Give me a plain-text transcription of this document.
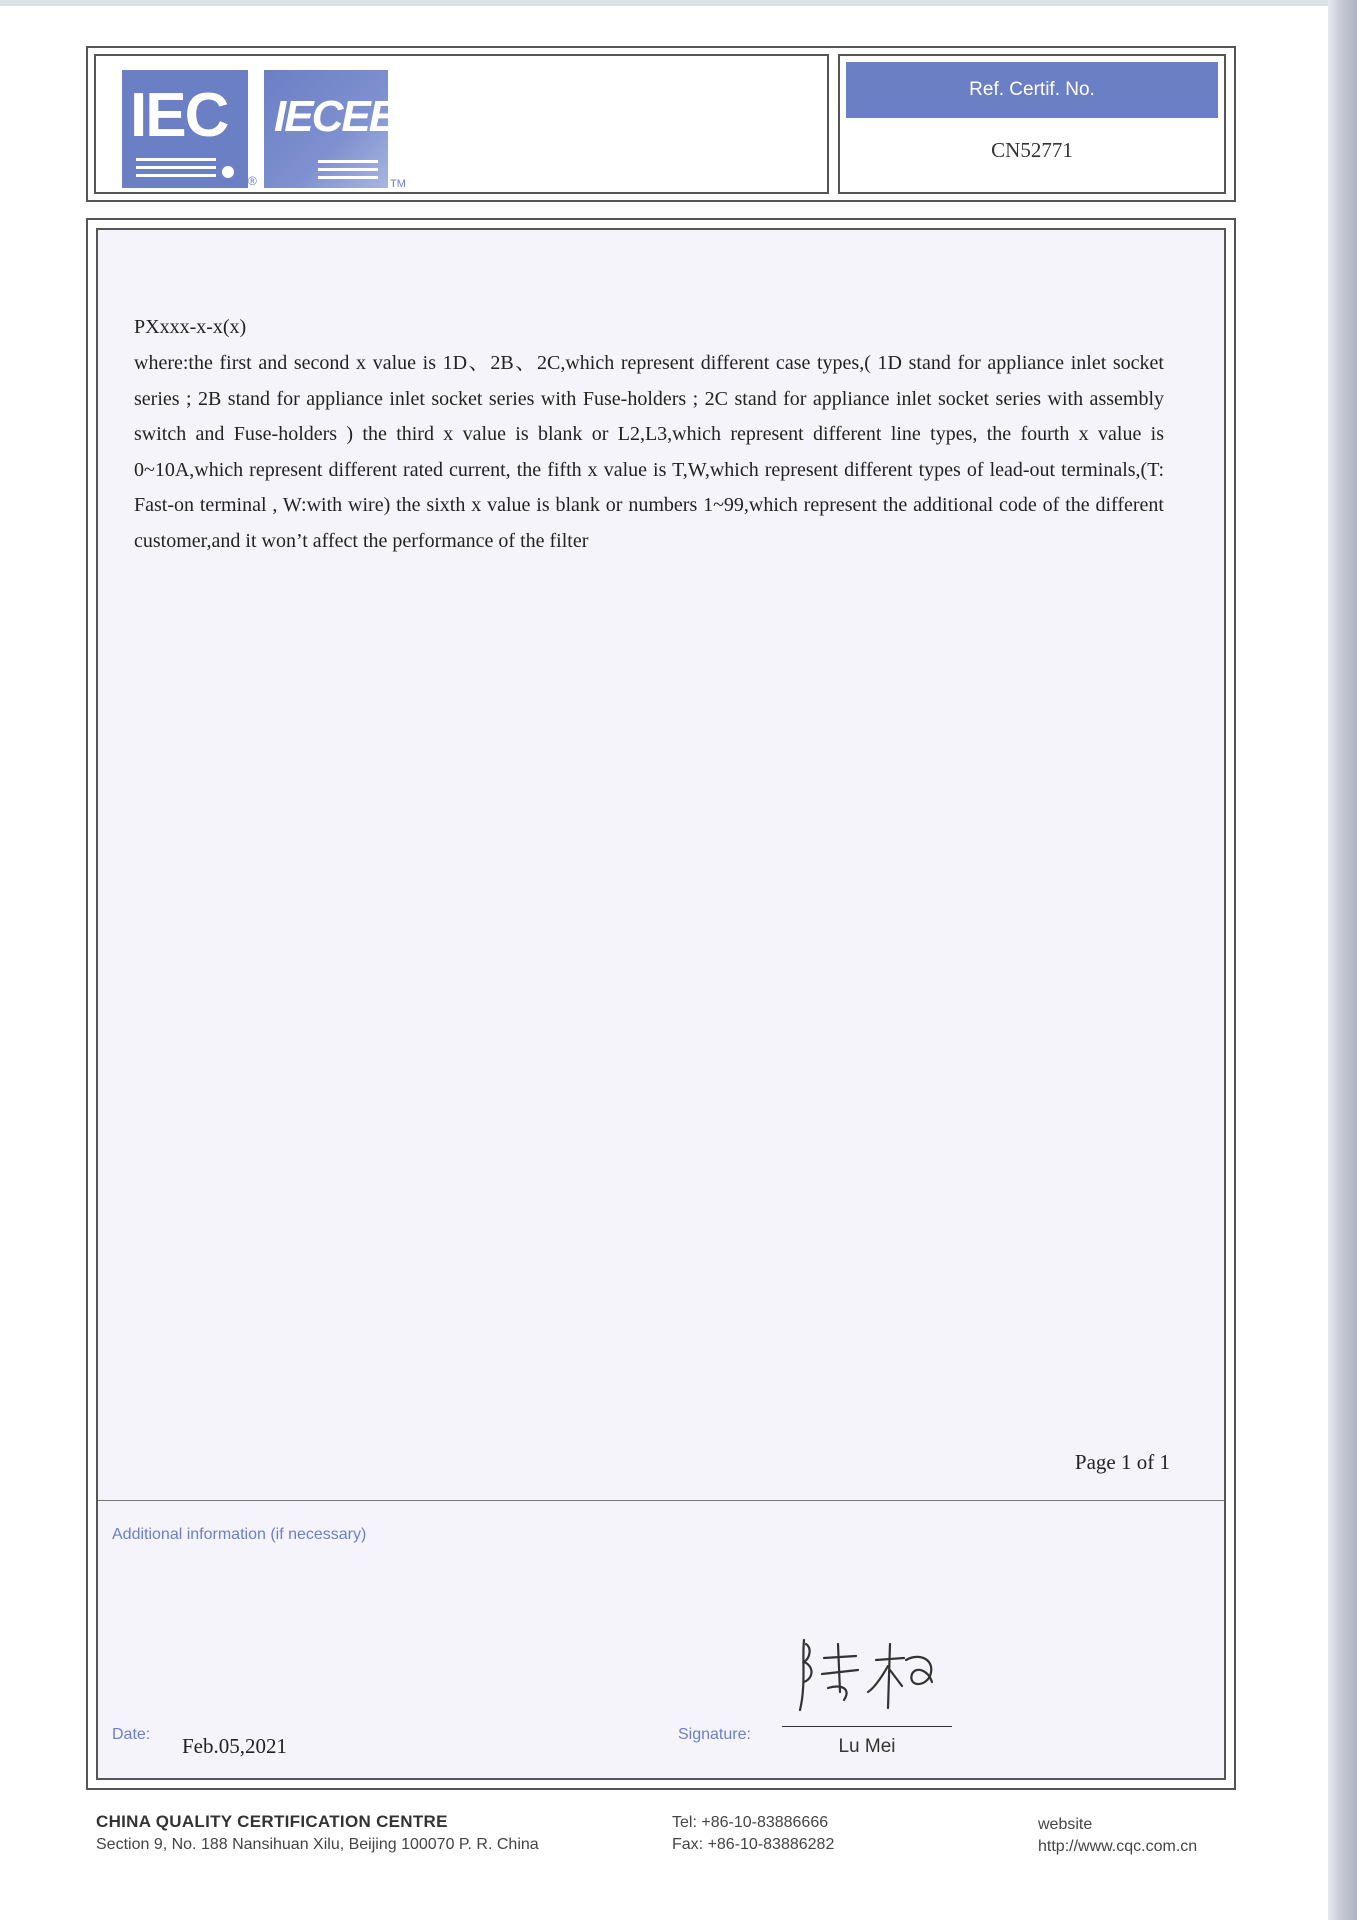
IEC
®
IECEE
TM
Ref. Certif. No.
CN52771
PXxxx-x-x(x)

where:the first and second x value is 1D、2B、2C,which represent different case types,( 1D stand for appliance inlet socket series ; 2B stand for appliance inlet socket series with Fuse-holders ; 2C stand for appliance inlet socket series with assembly switch and Fuse-holders ) the third x value is blank or L2,L3,which represent different line types, the fourth x value is 0~10A,which represent different rated current, the fifth x value is T,W,which represent different types of lead-out terminals,(T: Fast-on terminal , W:with wire) the sixth x value is blank or numbers 1~99,which represent the additional code of the different customer,and it won’t affect the performance of the filter

Page 1 of 1
Additional information (if necessary)
Date: Feb.05,2021	Signature:
Lu Mei
CHINA QUALITY CERTIFICATION CENTRE
Section 9, No. 188 Nansihuan Xilu, Beijing 100070 P. R. China
Tel: +86-10-83886666
Fax: +86-10-83886282
website
http://www.cqc.com.cn
